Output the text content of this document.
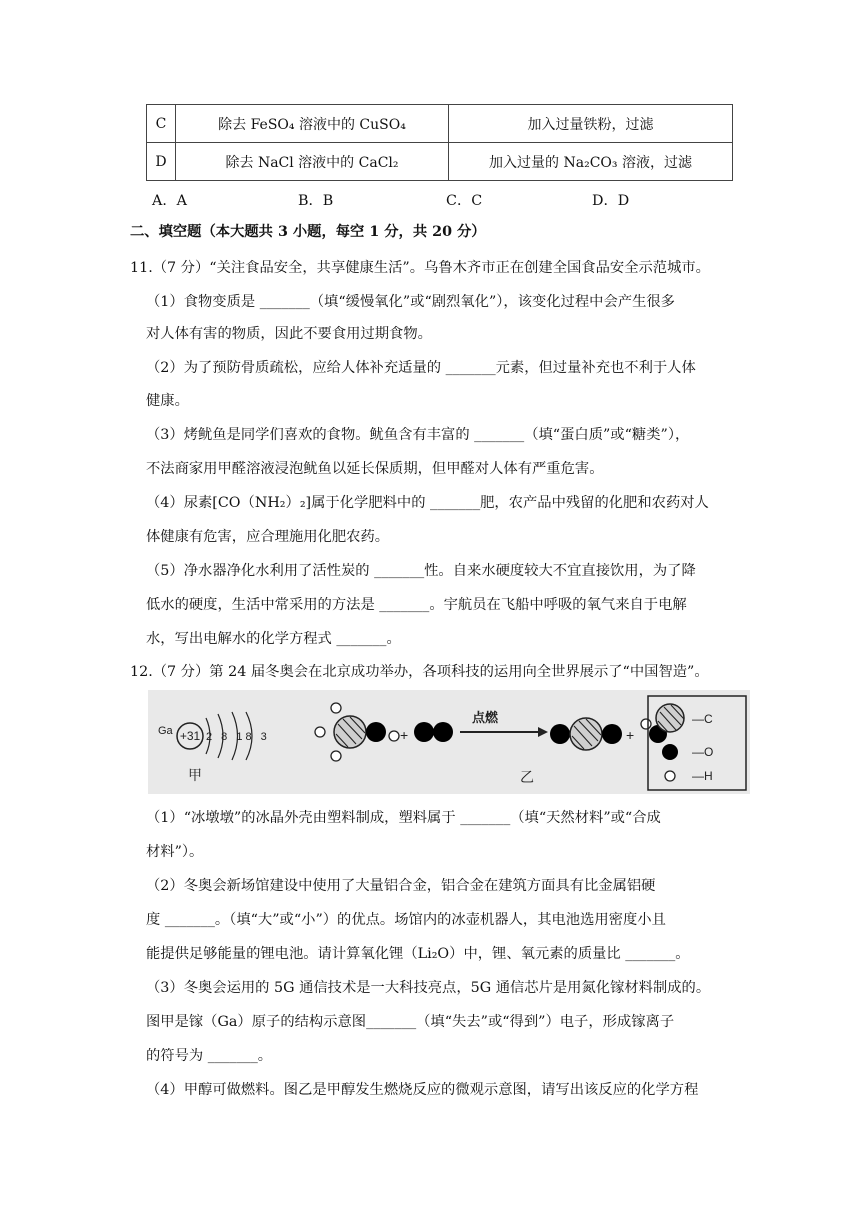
C	除去 FeSO₄ 溶液中的 CuSO₄	加入过量铁粉，过滤
D	除去 NaCl 溶液中的 CaCl₂	加入过量的 Na₂CO₃ 溶液，过滤
A．A	B．B	C．C	D．D
二、填空题（本大题共 3 小题，每空 1 分，共 20 分）
11.（7 分）“关注食品安全，共享健康生活”。乌鲁木齐市正在创建全国食品安全示范城市。
（1）食物变质是 _______（填“缓慢氧化”或“剧烈氧化”），该变化过程中会产生很多
对人体有害的物质，因此不要食用过期食物。
（2）为了预防骨质疏松，应给人体补充适量的 _______元素，但过量补充也不利于人体
健康。
（3）烤鱿鱼是同学们喜欢的食物。鱿鱼含有丰富的 _______（填“蛋白质”或“糖类”），
不法商家用甲醛溶液浸泡鱿鱼以延长保质期，但甲醛对人体有严重危害。
（4）尿素[CO（NH₂）₂]属于化学肥料中的 _______肥，农产品中残留的化肥和农药对人
体健康有危害，应合理施用化肥农药。
（5）净水器净化水利用了活性炭的 _______性。自来水硬度较大不宜直接饮用，为了降
低水的硬度，生活中常采用的方法是 _______。宇航员在飞船中呼吸的氧气来自于电解
水，写出电解水的化学方程式 _______。
12.（7 分）第 24 届冬奥会在北京成功举办，各项科技的运用向全世界展示了“中国智造”。
Ga +31 2 8 18 3
甲
+
点燃
+
乙
—C
—O
—H
（1）“冰墩墩”的冰晶外壳由塑料制成，塑料属于 _______（填“天然材料”或“合成
材料”）。
（2）冬奥会新场馆建设中使用了大量铝合金，铝合金在建筑方面具有比金属铝硬
度 _______。（填“大”或“小”）的优点。场馆内的冰壶机器人，其电池选用密度小且
能提供足够能量的锂电池。请计算氧化锂（Li₂O）中，锂、氧元素的质量比 _______。
（3）冬奥会运用的 5G 通信技术是一大科技亮点，5G 通信芯片是用氮化镓材料制成的。
图甲是镓（Ga）原子的结构示意图_______（填“失去”或“得到”）电子，形成镓离子
的符号为 _______。
（4）甲醇可做燃料。图乙是甲醇发生燃烧反应的微观示意图，请写出该反应的化学方程
